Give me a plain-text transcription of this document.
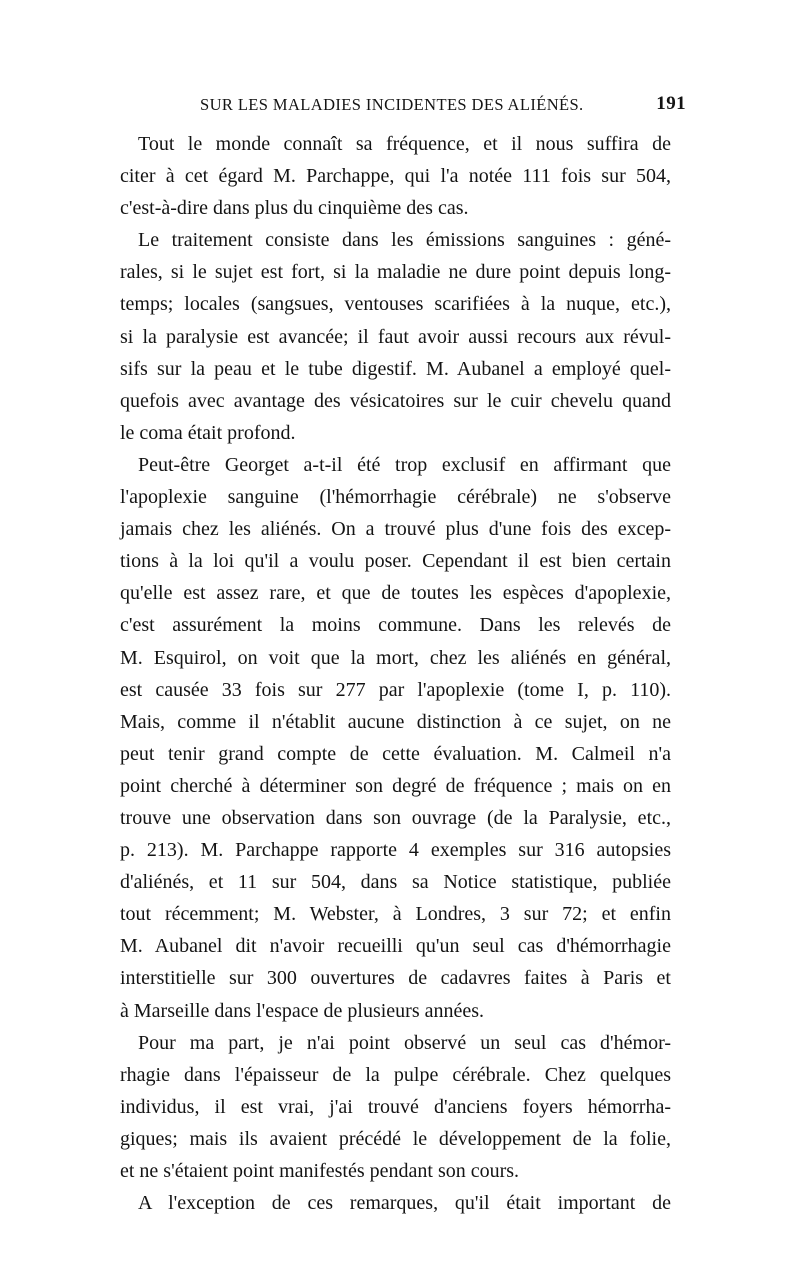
SUR LES MALADIES INCIDENTES DES ALIÉNÉS.	191
Tout le monde connaît sa fréquence, et il nous suffira de
citer à cet égard M. Parchappe, qui l'a notée 111 fois sur 504,
c'est-à-dire dans plus du cinquième des cas.
Le traitement consiste dans les émissions sanguines : géné-
rales, si le sujet est fort, si la maladie ne dure point depuis long-
temps; locales (sangsues, ventouses scarifiées à la nuque, etc.),
si la paralysie est avancée; il faut avoir aussi recours aux révul-
sifs sur la peau et le tube digestif. M. Aubanel a employé quel-
quefois avec avantage des vésicatoires sur le cuir chevelu quand
le coma était profond.
Peut-être Georget a-t-il été trop exclusif en affirmant que
l'apoplexie sanguine (l'hémorrhagie cérébrale) ne s'observe
jamais chez les aliénés. On a trouvé plus d'une fois des excep-
tions à la loi qu'il a voulu poser. Cependant il est bien certain
qu'elle est assez rare, et que de toutes les espèces d'apoplexie,
c'est assurément la moins commune. Dans les relevés de
M. Esquirol, on voit que la mort, chez les aliénés en général,
est causée 33 fois sur 277 par l'apoplexie (tome I, p. 110).
Mais, comme il n'établit aucune distinction à ce sujet, on ne
peut tenir grand compte de cette évaluation. M. Calmeil n'a
point cherché à déterminer son degré de fréquence ; mais on en
trouve une observation dans son ouvrage (de la Paralysie, etc.,
p. 213). M. Parchappe rapporte 4 exemples sur 316 autopsies
d'aliénés, et 11 sur 504, dans sa Notice statistique, publiée
tout récemment; M. Webster, à Londres, 3 sur 72; et enfin
M. Aubanel dit n'avoir recueilli qu'un seul cas d'hémorrhagie
interstitielle sur 300 ouvertures de cadavres faites à Paris et
à Marseille dans l'espace de plusieurs années.
Pour ma part, je n'ai point observé un seul cas d'hémor-
rhagie dans l'épaisseur de la pulpe cérébrale. Chez quelques
individus, il est vrai, j'ai trouvé d'anciens foyers hémorrha-
giques; mais ils avaient précédé le développement de la folie,
et ne s'étaient point manifestés pendant son cours.
A l'exception de ces remarques, qu'il était important de
